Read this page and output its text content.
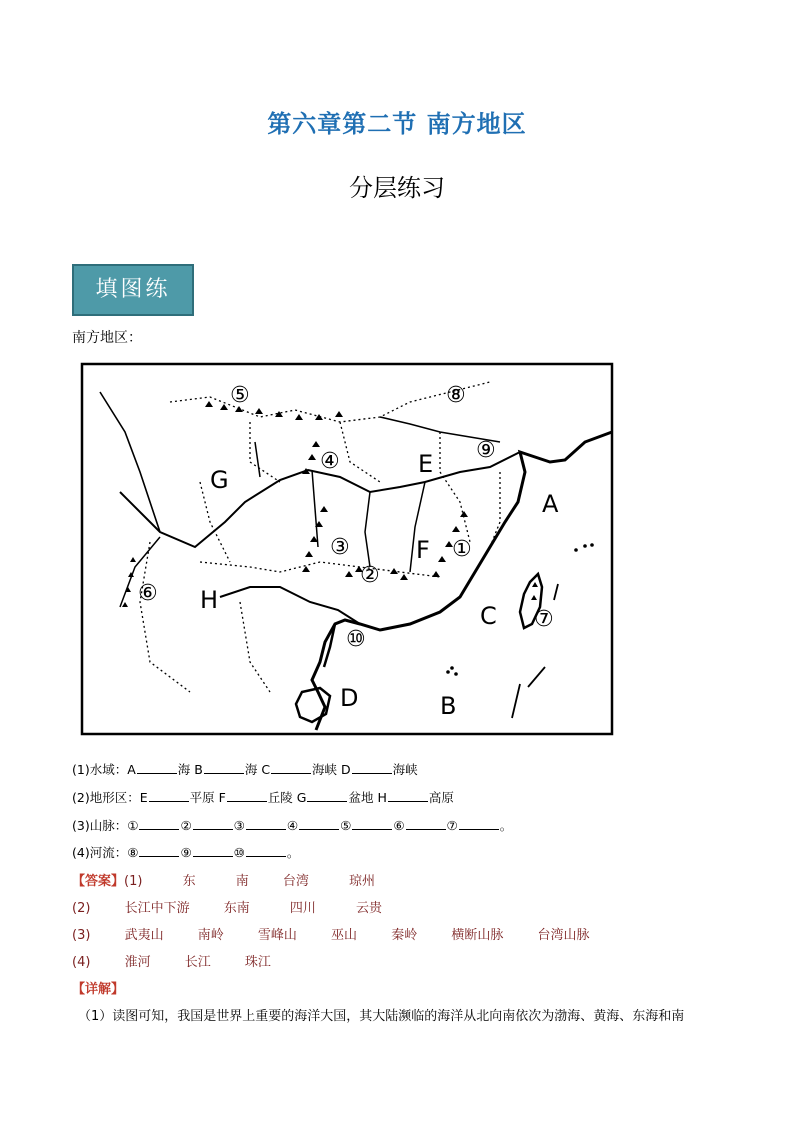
第六章第二节 南方地区
分层练习
填图练
南方地区：
⑤	⑧
⑨
④
③
②
①
⑥
⑦
⑩
G
E
A
F
H
C
D	B
(1)水域：A	海 B	海 C	海峡 D	海峡
(2)地形区：E	平原 F	丘陵 G	盆地 H	高原
(3)山脉：①	②	③	④	⑤	⑥	⑦	。
(4)河流：⑧	⑨	⑩	。
【答案】(1)	东	南	台湾	琼州
(2)	长江中下游	东南	四川	云贵
(3)	武夷山	南岭	雪峰山	巫山	秦岭	横断山脉	台湾山脉
(4)	淮河	长江	珠江
【详解】
（1）读图可知，我国是世界上重要的海洋大国，其大陆濒临的海洋从北向南依次为渤海、黄海、东海和南
